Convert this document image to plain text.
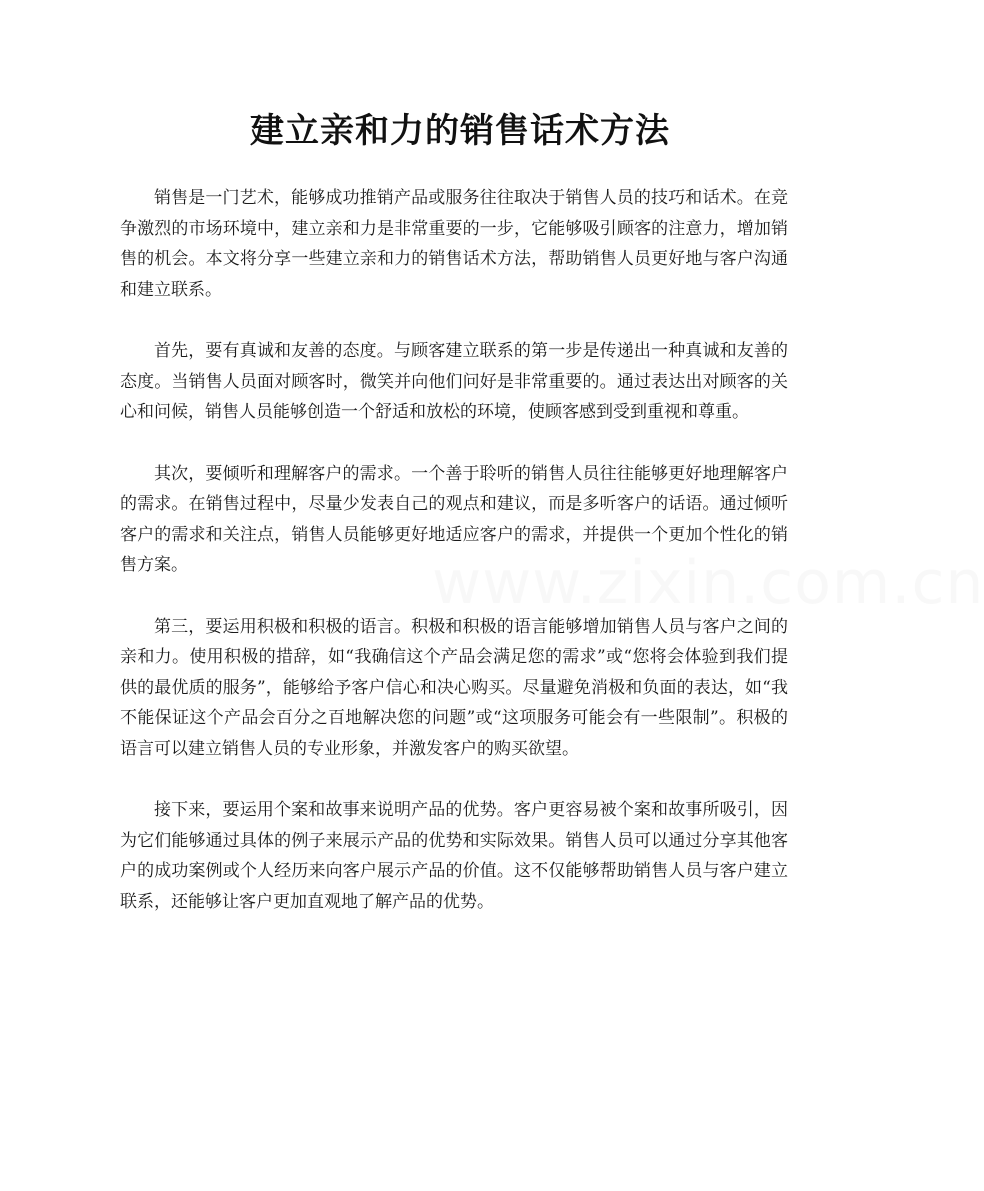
建立亲和力的销售话术方法

销售是一门艺术，能够成功推销产品或服务往往取决于销售人员的技巧和话术。在竞争激烈的市场环境中，建立亲和力是非常重要的一步，它能够吸引顾客的注意力，增加销售的机会。本文将分享一些建立亲和力的销售话术方法，帮助销售人员更好地与客户沟通和建立联系。

首先，要有真诚和友善的态度。与顾客建立联系的第一步是传递出一种真诚和友善的态度。当销售人员面对顾客时，微笑并向他们问好是非常重要的。通过表达出对顾客的关心和问候，销售人员能够创造一个舒适和放松的环境，使顾客感到受到重视和尊重。

其次，要倾听和理解客户的需求。一个善于聆听的销售人员往往能够更好地理解客户的需求。在销售过程中，尽量少发表自己的观点和建议，而是多听客户的话语。通过倾听客户的需求和关注点，销售人员能够更好地适应客户的需求，并提供一个更加个性化的销售方案。

第三，要运用积极和积极的语言。积极和积极的语言能够增加销售人员与客户之间的亲和力。使用积极的措辞，如“我确信这个产品会满足您的需求”或“您将会体验到我们提供的最优质的服务”，能够给予客户信心和决心购买。尽量避免消极和负面的表达，如“我不能保证这个产品会百分之百地解决您的问题”或“这项服务可能会有一些限制”。积极的语言可以建立销售人员的专业形象，并激发客户的购买欲望。

接下来，要运用个案和故事来说明产品的优势。客户更容易被个案和故事所吸引，因为它们能够通过具体的例子来展示产品的优势和实际效果。销售人员可以通过分享其他客户的成功案例或个人经历来向客户展示产品的价值。这不仅能够帮助销售人员与客户建立联系，还能够让客户更加直观地了解产品的优势。

www.zixin.com.cn
